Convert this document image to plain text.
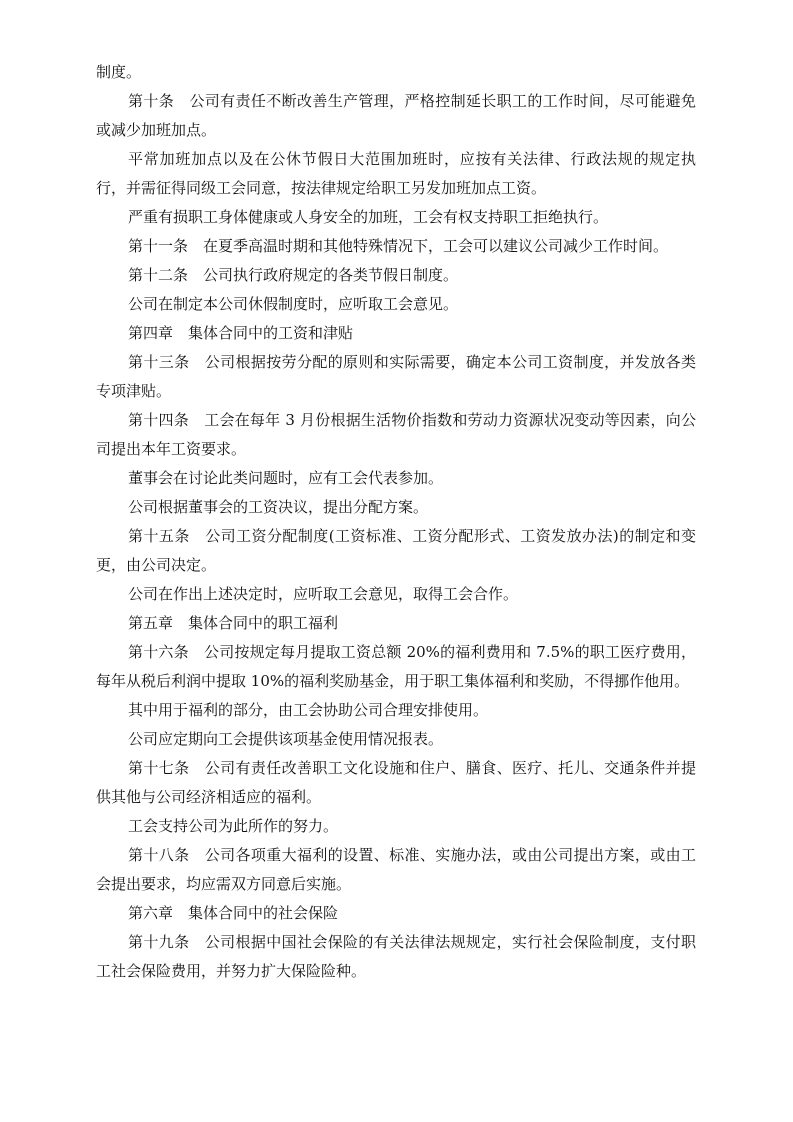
制度。

第十条　公司有责任不断改善生产管理，严格控制延长职工的工作时间，尽可能避免或减少加班加点。

平常加班加点以及在公休节假日大范围加班时，应按有关法律、行政法规的规定执行，并需征得同级工会同意，按法律规定给职工另发加班加点工资。

严重有损职工身体健康或人身安全的加班，工会有权支持职工拒绝执行。

第十一条　在夏季高温时期和其他特殊情况下，工会可以建议公司减少工作时间。

第十二条　公司执行政府规定的各类节假日制度。

公司在制定本公司休假制度时，应听取工会意见。

第四章　集体合同中的工资和津贴

第十三条　公司根据按劳分配的原则和实际需要，确定本公司工资制度，并发放各类专项津贴。

第十四条　工会在每年 3 月份根据生活物价指数和劳动力资源状况变动等因素，向公司提出本年工资要求。

董事会在讨论此类问题时，应有工会代表参加。

公司根据董事会的工资决议，提出分配方案。

第十五条　公司工资分配制度(工资标准、工资分配形式、工资发放办法)的制定和变更，由公司决定。

公司在作出上述决定时，应听取工会意见，取得工会合作。

第五章　集体合同中的职工福利

第十六条　公司按规定每月提取工资总额 20%的福利费用和 7.5%的职工医疗费用，每年从税后利润中提取 10%的福利奖励基金，用于职工集体福利和奖励，不得挪作他用。

其中用于福利的部分，由工会协助公司合理安排使用。

公司应定期向工会提供该项基金使用情况报表。

第十七条　公司有责任改善职工文化设施和住户、膳食、医疗、托儿、交通条件并提供其他与公司经济相适应的福利。

工会支持公司为此所作的努力。

第十八条　公司各项重大福利的设置、标准、实施办法，或由公司提出方案，或由工会提出要求，均应需双方同意后实施。

第六章　集体合同中的社会保险

第十九条　公司根据中国社会保险的有关法律法规规定，实行社会保险制度，支付职工社会保险费用，并努力扩大保险险种。
